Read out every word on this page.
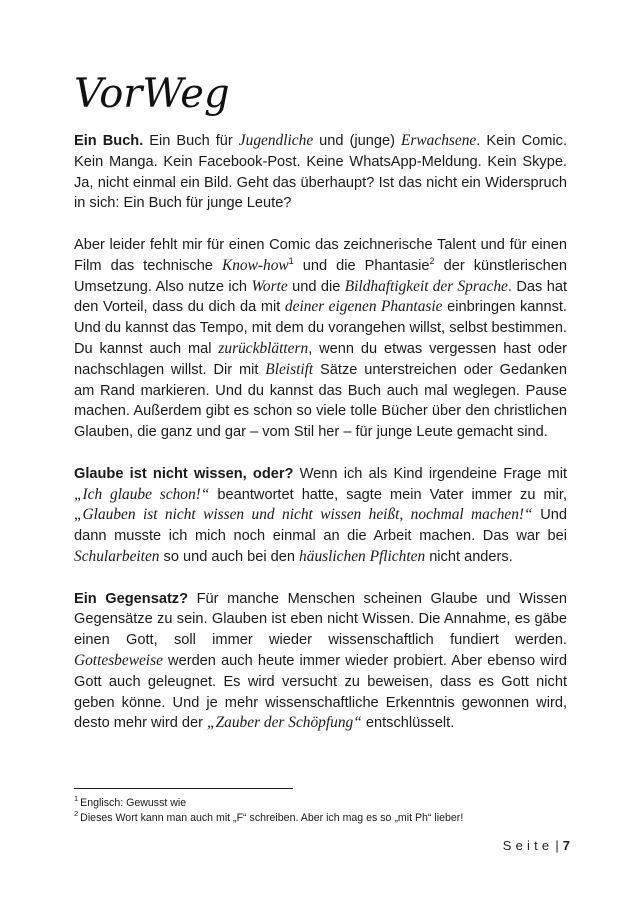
VorWeg

Ein Buch. Ein Buch für Jugendliche und (junge) Erwachsene. Kein Comic. Kein Manga. Kein Facebook-Post. Keine WhatsApp-Meldung. Kein Skype. Ja, nicht einmal ein Bild. Geht das überhaupt? Ist das nicht ein Widerspruch in sich: Ein Buch für junge Leute?

Aber leider fehlt mir für einen Comic das zeichnerische Talent und für einen Film das technische Know-how$^1$ und die Phantasie$^2$ der künstlerischen Umsetzung. Also nutze ich Worte und die Bildhaftigkeit der Sprache. Das hat den Vorteil, dass du dich da mit deiner eigenen Phantasie einbringen kannst. Und du kannst das Tempo, mit dem du vorangehen willst, selbst bestimmen. Du kannst auch mal zurückblättern, wenn du etwas vergessen hast oder nachschlagen willst. Dir mit Bleistift Sätze unterstreichen oder Gedanken am Rand markieren. Und du kannst das Buch auch mal weglegen. Pause machen. Außerdem gibt es schon so viele tolle Bücher über den christlichen Glauben, die ganz und gar – vom Stil her – für junge Leute gemacht sind.

Glaube ist nicht wissen, oder? Wenn ich als Kind irgendeine Frage mit „Ich glaube schon!“ beantwortet hatte, sagte mein Vater immer zu mir, „Glauben ist nicht wissen und nicht wissen heißt, nochmal machen!“ Und dann musste ich mich noch einmal an die Arbeit machen. Das war bei Schularbeiten so und auch bei den häuslichen Pflichten nicht anders.

Ein Gegensatz? Für manche Menschen scheinen Glaube und Wissen Gegensätze zu sein. Glauben ist eben nicht Wissen. Die Annahme, es gäbe einen Gott, soll immer wieder wissenschaftlich fundiert werden. Gottesbeweise werden auch heute immer wieder probiert. Aber ebenso wird Gott auch geleugnet. Es wird versucht zu beweisen, dass es Gott nicht geben könne. Und je mehr wissenschaftliche Erkenntnis gewonnen wird, desto mehr wird der „Zauber der Schöpfung“ entschlüsselt.

$^1$ Englisch: Gewusst wie
$^2$ Dieses Wort kann man auch mit „F“ schreiben. Aber ich mag es so „mit Ph“ lieber!
Seite | 7
